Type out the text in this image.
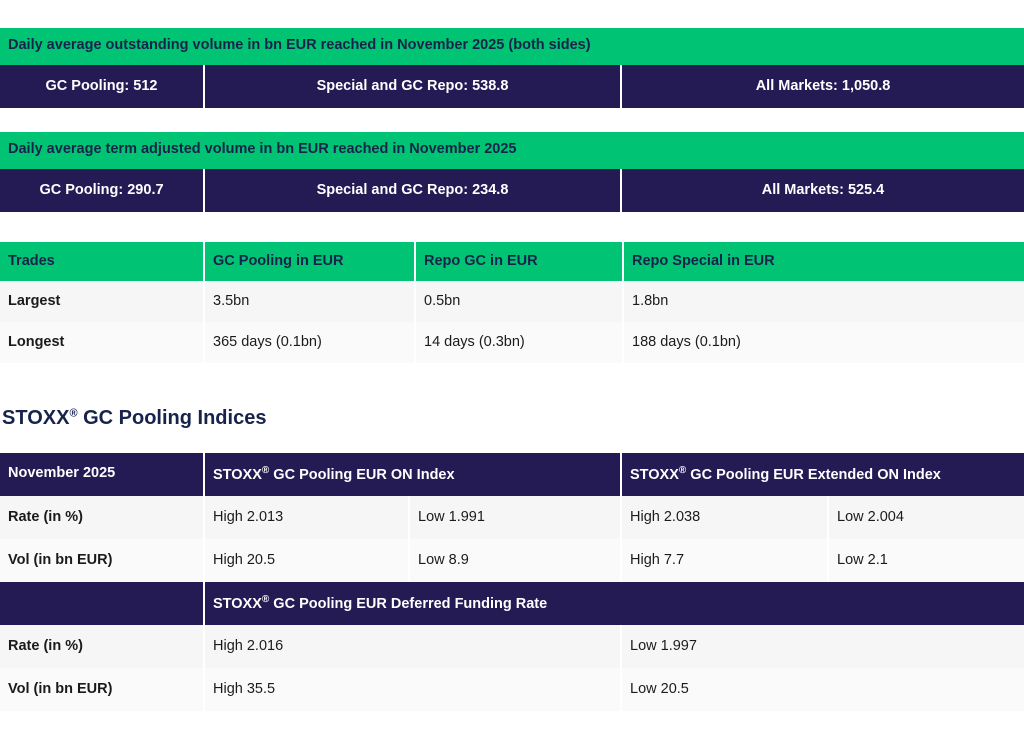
Daily average outstanding volume in bn EUR reached in November 2025 (both sides)
GC Pooling: 512	Special and GC Repo: 538.8	All Markets: 1,050.8
Daily average term adjusted volume in bn EUR reached in November 2025
GC Pooling: 290.7	Special and GC Repo: 234.8	All Markets: 525.4
Trades	GC Pooling in EUR	Repo GC in EUR	Repo Special in EUR
Largest	3.5bn	0.5bn	1.8bn
Longest	365 days (0.1bn)	14 days (0.3bn)	188 days (0.1bn)
STOXX® GC Pooling Indices
November 2025	STOXX® GC Pooling EUR ON Index	STOXX® GC Pooling EUR Extended ON Index
Rate (in %)	High 2.013	Low 1.991	High 2.038	Low 2.004
Vol (in bn EUR)	High 20.5	Low 8.9	High 7.7	Low 2.1

STOXX® GC Pooling EUR Deferred Funding Rate
Rate (in %)	High 2.016	Low 1.997
Vol (in bn EUR)	High 35.5	Low 20.5
